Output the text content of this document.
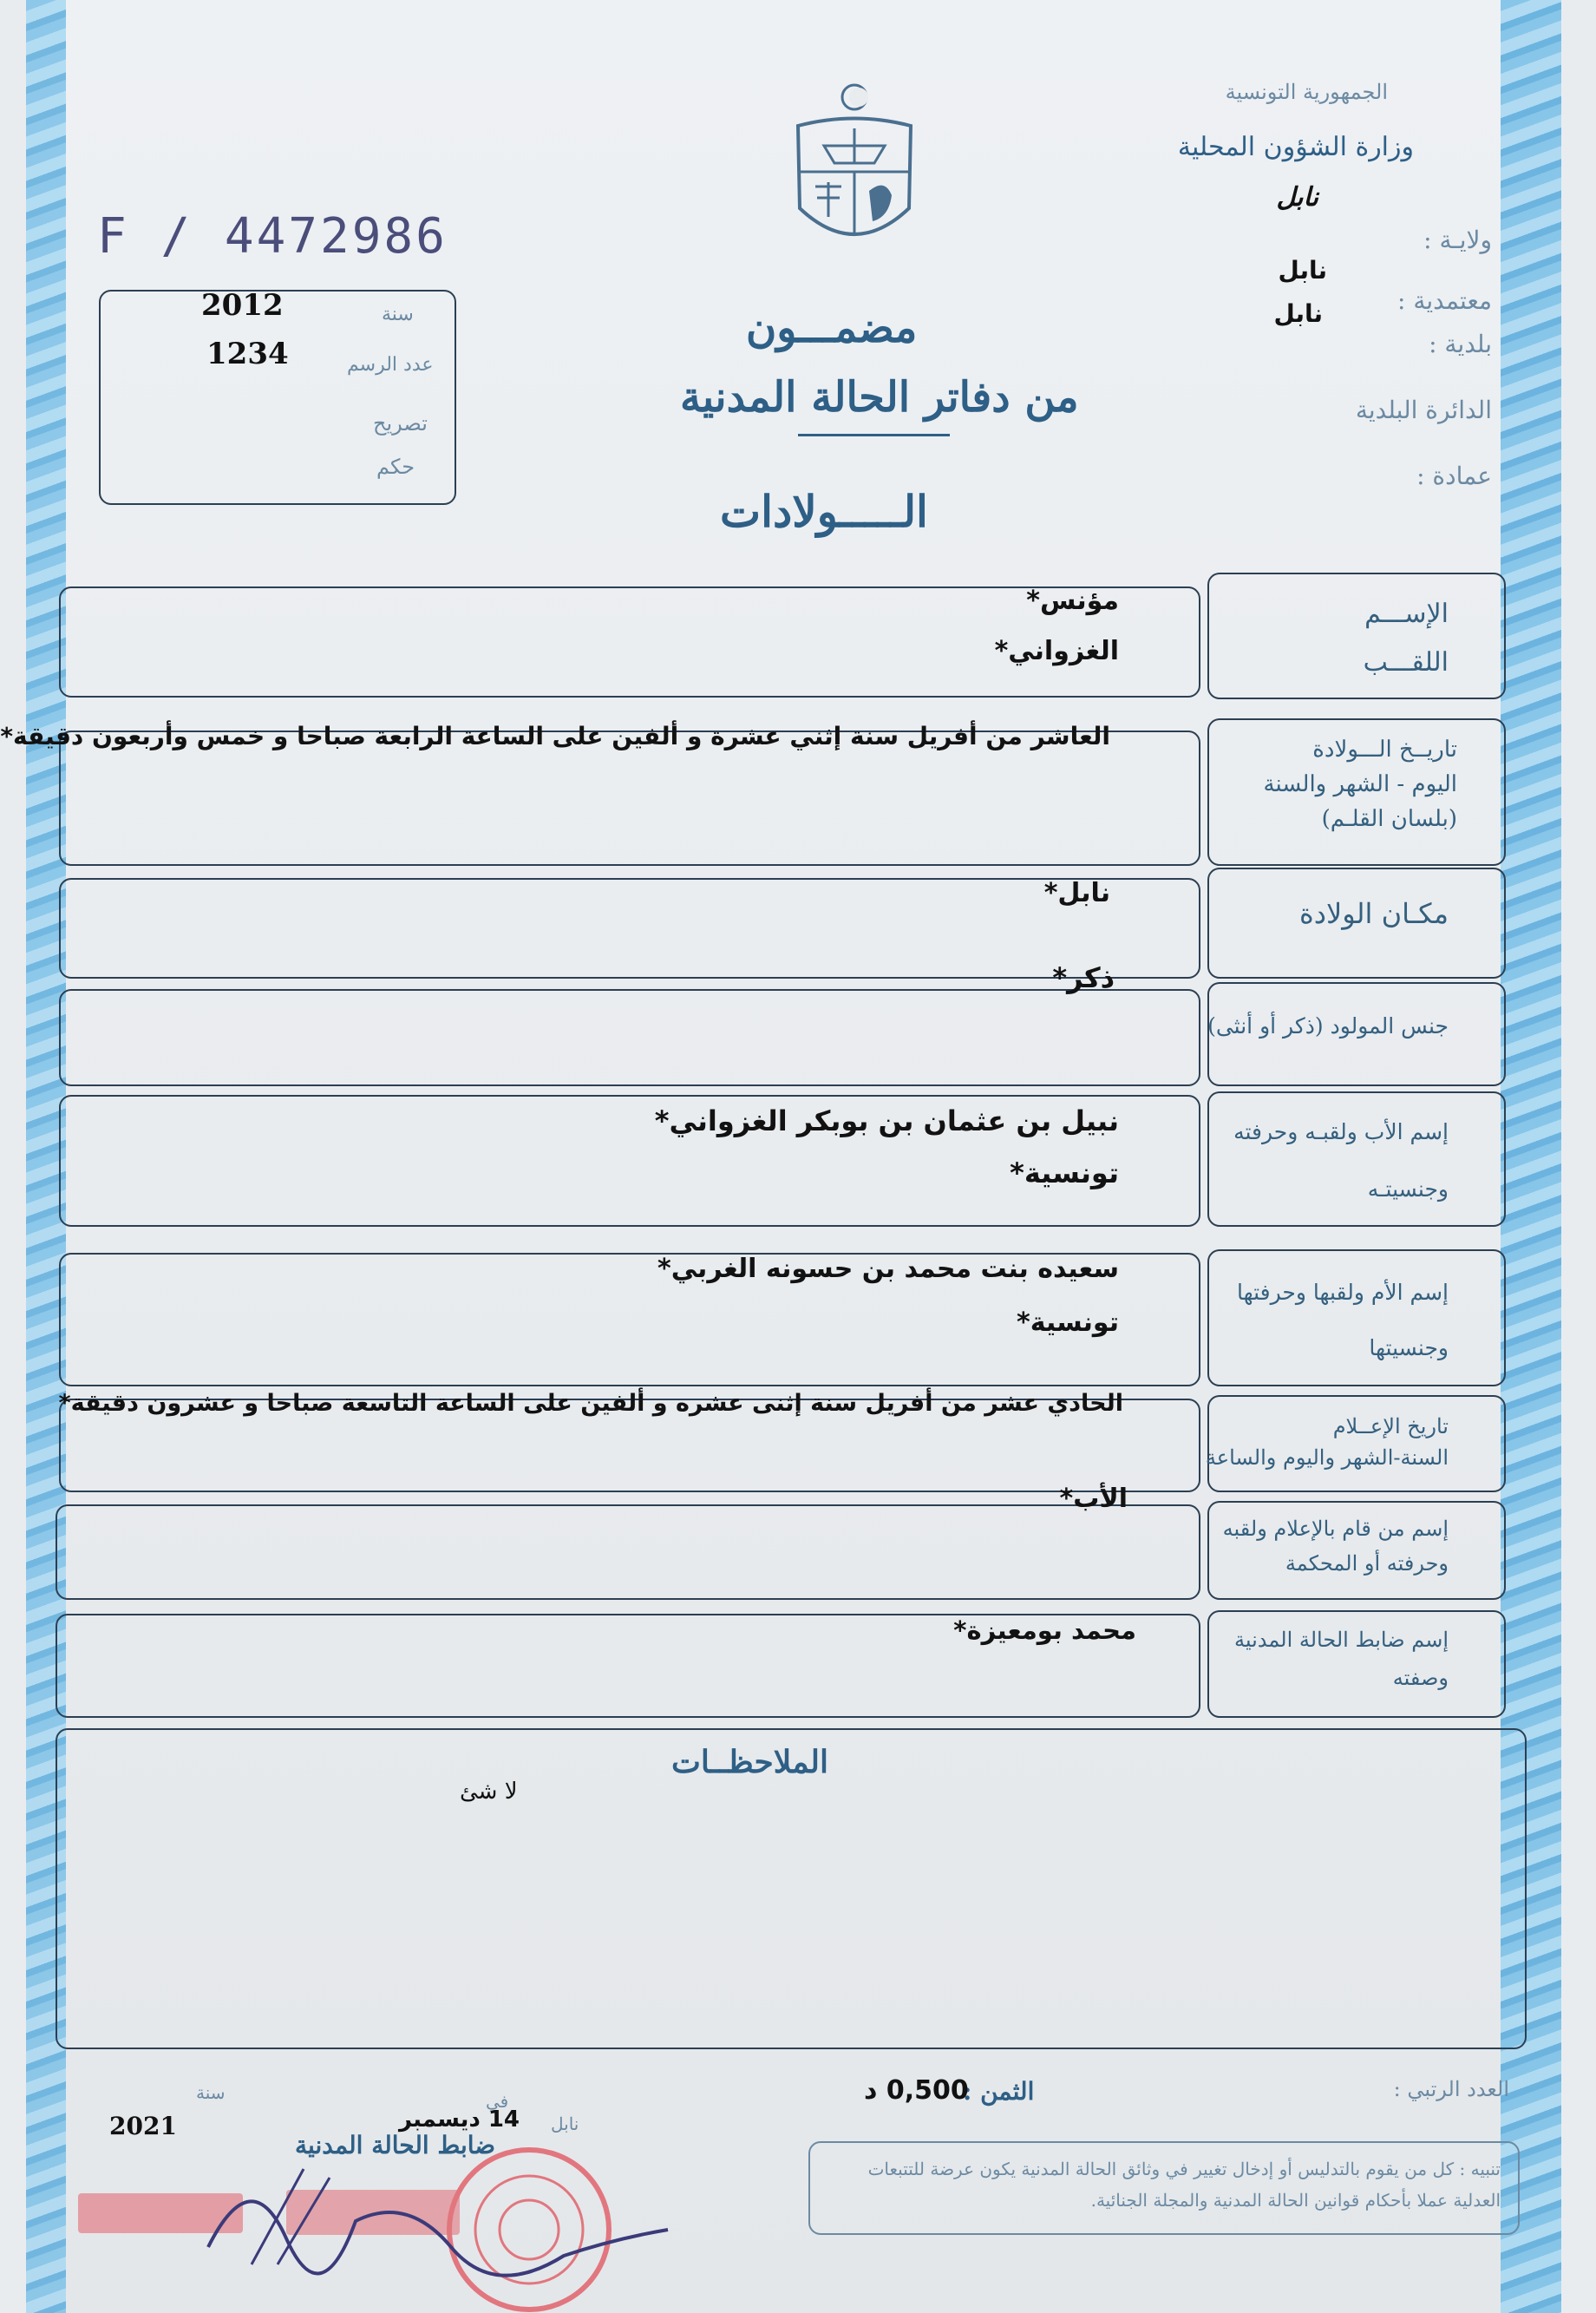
F / 4472986
سنة
2012
عدد الرسم
1234
تصريح
حكم
الجمهورية التونسية
وزارة الشؤون المحلية
نابل
ولايـة :
معتمدية :
نابل
بلدية :
نابل
الدائرة البلدية
عمادة :
مضمـــون
من دفاتر الحالة المدنية
الـــــولادات
الإســـم
اللقـــب
مؤنس*
الغزواني*
تاريــخ الـــولادة
اليوم - الشهر والسنة
(بلسان القلـم)
العاشر من أفريل سنة إثني عشرة و ألفين على الساعة الرابعة صباحا و خمس وأربعون دقيقة*
مكـان الولادة
نابل*
جنس المولود (ذكر أو أنثى)
ذكر*
إسم الأب ولقبـه وحرفته
وجنسيتـه
نبيل بن عثمان بن بوبكر الغزواني*
تونسية*
إسم الأم ولقبها وحرفتها
وجنسيتها
سعيده بنت محمد بن حسونه الغربي*
تونسية*
تاريخ الإعــلام
السنة-الشهر واليوم والساعة
الحادي عشر من أفريل سنة إثنى عشره و ألفين على الساعة التاسعة صباحا و عشرون دقيقة*
إسم من قام بالإعلام ولقبه
وحرفته أو المحكمة
الأب*
إسم ضابط الحالة المدنية
وصفته
محمد بومعيزة*
الملاحظــات
لا شئ
العدد الرتبي :
الثمن :
0,500 د
سنة
2021
في
14 ديسمبر نابل
ضابط الحالة المدنية
تنبيه : كل من يقوم بالتدليس أو إدخال تغيير في وثائق الحالة المدنية يكون عرضة للتتبعات العدلية عملا بأحكام قوانين الحالة المدنية والمجلة الجنائية.
